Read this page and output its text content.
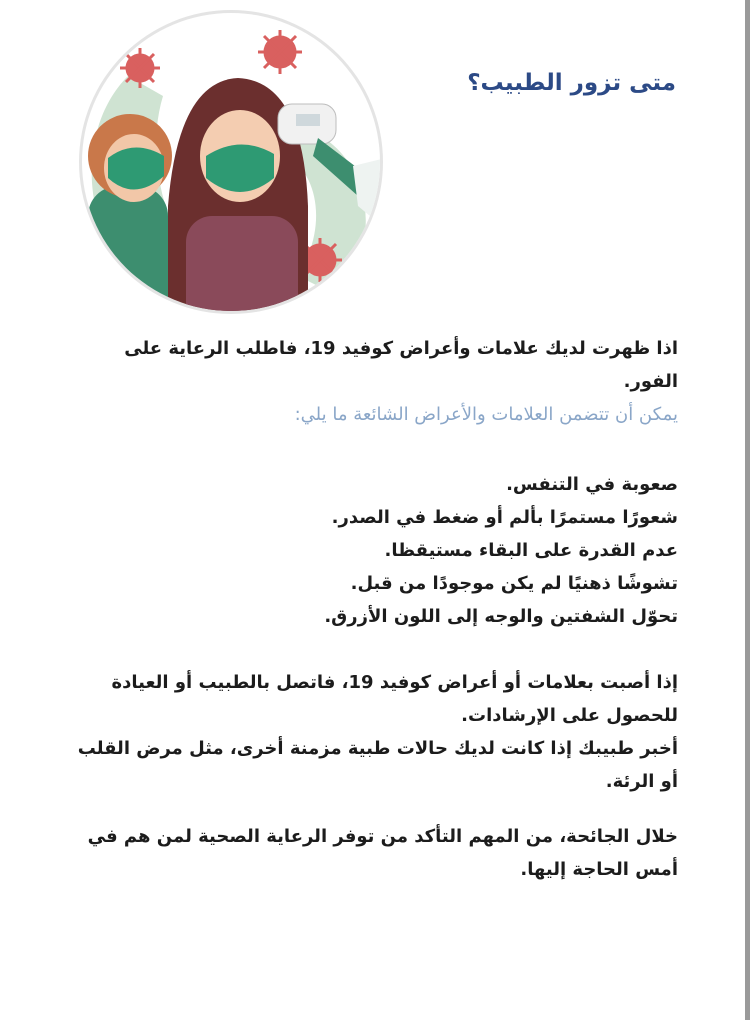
متى تزور الطبيب؟

اذا ظهرت لديك علامات وأعراض كوفيد 19، فاطلب الرعاية على الفور.

يمكن أن تتضمن العلامات والأعراض الشائعة ما يلي:

صعوبة في التنفس.

شعورًا مستمرًا بألم أو ضغط في الصدر.

عدم القدرة على البقاء مستيقظا.

تشوشًا ذهنيًا لم يكن موجودًا من قبل.

تحوّل الشفتين والوجه إلى اللون الأزرق.

إذا أصبت بعلامات أو أعراض كوفيد 19، فاتصل بالطبيب أو العيادة للحصول على الإرشادات.

أخبر طبيبك إذا كانت لديك حالات طبية مزمنة أخرى، مثل مرض القلب أو الرئة.

خلال الجائحة، من المهم التأكد من توفر الرعاية الصحية لمن هم في أمس الحاجة إليها.
